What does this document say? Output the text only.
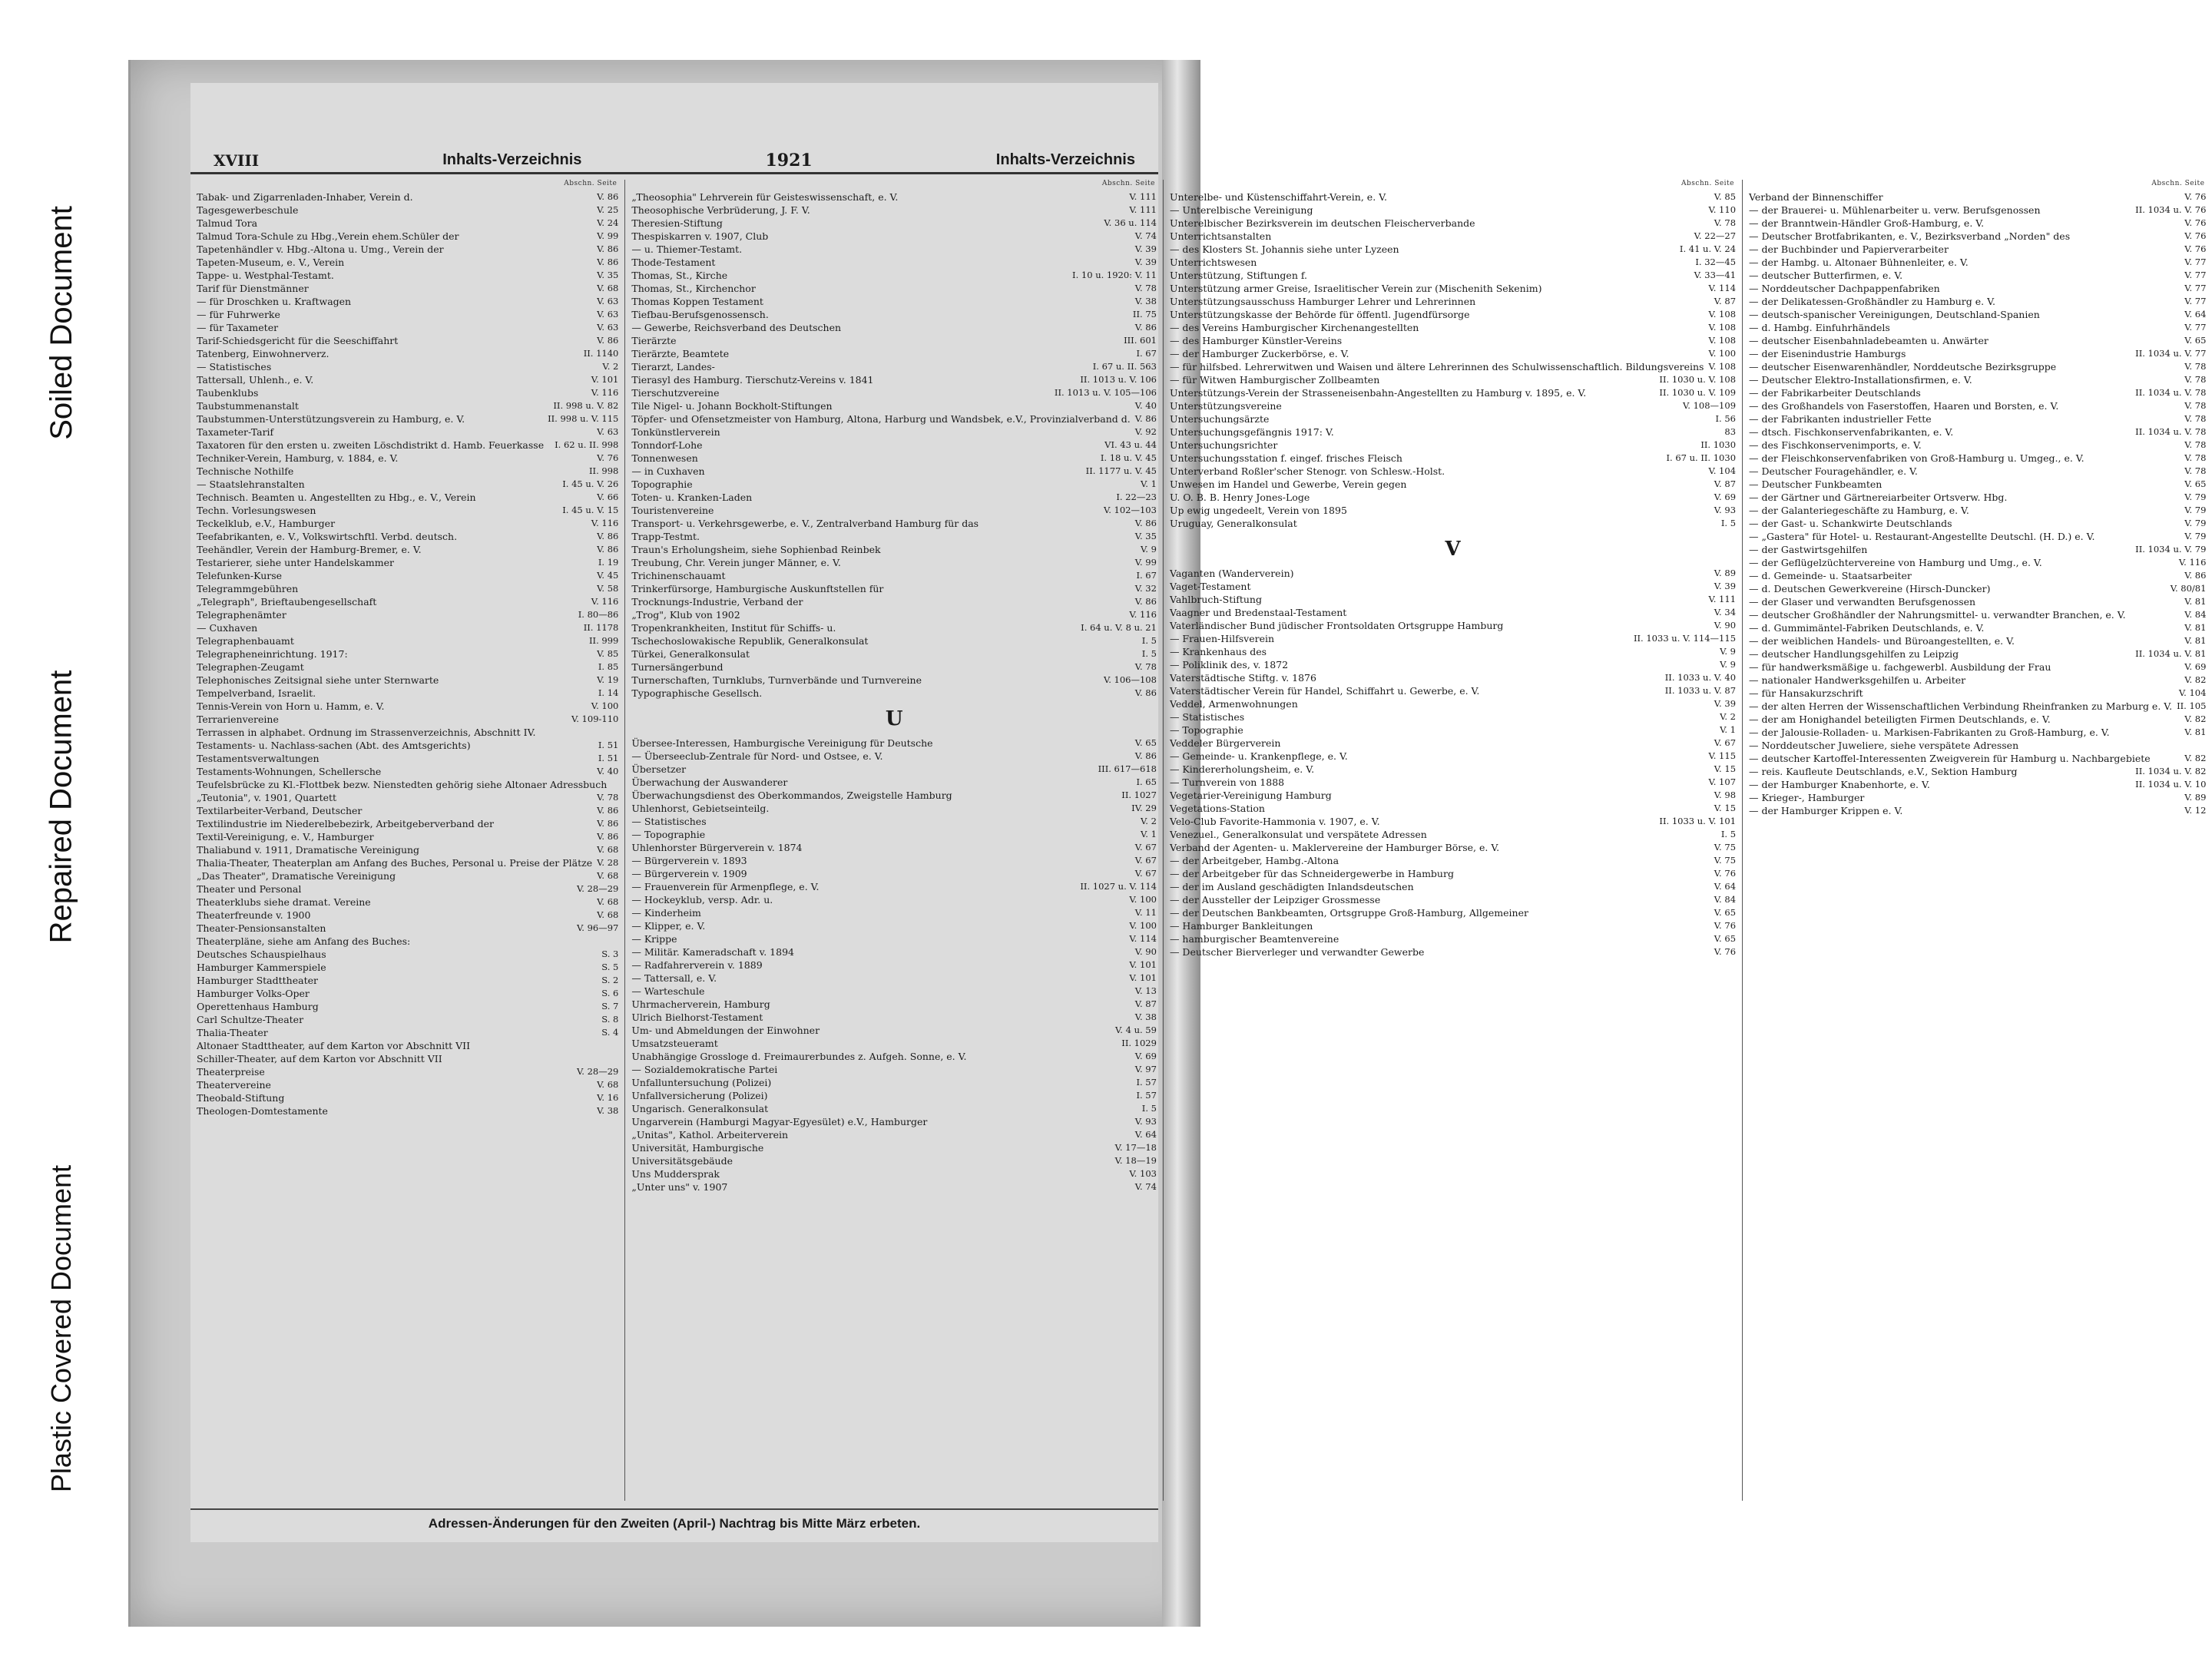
Soiled Document
Repaired Document
Plastic Covered Document
XVIII	Inhalts-Verzeichnis	1921	Inhalts-Verzeichnis
Abschn. Seite
Tabak- und Zigarrenladen-Inhaber, Verein d.	V. 86
Tagesgewerbeschule	V. 25
Talmud Tora	V. 24
Talmud Tora-Schule zu Hbg.,Verein ehem.Schüler der	V. 99
Tapetenhändler v. Hbg.-Altona u. Umg., Verein der	V. 86
Tapeten-Museum, e. V., Verein	V. 86
Tappe- u. Westphal-Testamt.	V. 35
Tarif für Dienstmänner	V. 68
— für Droschken u. Kraftwagen	V. 63
— für Fuhrwerke	V. 63
— für Taxameter	V. 63
Tarif-Schiedsgericht für die Seeschiffahrt	V. 86
Tatenberg, Einwohnerverz.	II. 1140
— Statistisches	V. 2
Tattersall, Uhlenh., e. V.	V. 101
Taubenklubs	V. 116
Taubstummenanstalt	II. 998 u. V. 82
Taubstummen-Unterstützungsverein zu Hamburg, e. V.	II. 998 u. V. 115
Taxameter-Tarif	V. 63
Taxatoren für den ersten u. zweiten Löschdistrikt d. Hamb. Feuerkasse	I. 62 u. II. 998
Techniker-Verein, Hamburg, v. 1884, e. V.	V. 76
Technische Nothilfe	II. 998
— Staatslehranstalten	I. 45 u. V. 26
Technisch. Beamten u. Angestellten zu Hbg., e. V., Verein	V. 66
Techn. Vorlesungswesen	I. 45 u. V. 15
Teckelklub, e.V., Hamburger	V. 116
Teefabrikanten, e. V., Volkswirtschftl. Verbd. deutsch.	V. 86
Teehändler, Verein der Hamburg-Bremer, e. V.	V. 86
Testarierer, siehe unter Handelskammer	I. 19
Telefunken-Kurse	V. 45
Telegrammgebühren	V. 58
„Telegraph", Brieftaubengesellschaft	V. 116
Telegraphenämter	I. 80—86
— Cuxhaven	II. 1178
Telegraphenbauamt	II. 999
Telegrapheneinrichtung. 1917:	V. 85
Telegraphen-Zeugamt	I. 85
Telephonisches Zeitsignal siehe unter Sternwarte	V. 19
Tempelverband, Israelit.	I. 14
Tennis-Verein von Horn u. Hamm, e. V.	V. 100
Terrarienvereine	V. 109-110
Terrassen in alphabet. Ordnung im Strassenverzeichnis, Abschnitt IV.
Testaments- u. Nachlass-sachen (Abt. des Amtsgerichts)	I. 51
Testamentsverwaltungen	I. 51
Testaments-Wohnungen, Schellersche	V. 40
Teufelsbrücke zu Kl.-Flottbek bezw. Nienstedten gehörig siehe Altonaer Adressbuch
„Teutonia", v. 1901, Quartett	V. 78
Textilarbeiter-Verband, Deutscher	V. 86
Textilindustrie im Niederelbebezirk, Arbeitgeberverband der	V. 86
Textil-Vereinigung, e. V., Hamburger	V. 86
Thaliabund v. 1911, Dramatische Vereinigung	V. 68
Thalia-Theater, Theaterplan am Anfang des Buches, Personal u. Preise der Plätze V. 28
„Das Theater", Dramatische Vereinigung	V. 68
Theater und Personal	V. 28—29
Theaterklubs siehe dramat. Vereine	V. 68
Theaterfreunde v. 1900	V. 68
Theater-Pensionsanstalten	V. 96—97
Theaterpläne, siehe am Anfang des Buches:
Deutsches Schauspielhaus	S. 3
Hamburger Kammerspiele	S. 5
Hamburger Stadttheater	S. 2
Hamburger Volks-Oper	S. 6
Operettenhaus Hamburg	S. 7
Carl Schultze-Theater	S. 8
Thalia-Theater	S. 4
Altonaer Stadttheater, auf dem Karton vor Abschnitt VII
Schiller-Theater, auf dem Karton vor Abschnitt VII
Theaterpreise	V. 28—29
Theatervereine	V. 68
Theobald-Stiftung	V. 16
Theologen-Domtestamente	V. 38
Abschn. Seite
„Theosophia" Lehrverein für Geisteswissenschaft, e. V.	V. 111
Theosophische Verbrüderung, J. F. V.	V. 111
Theresien-Stiftung	V. 36 u. 114
Thespiskarren v. 1907, Club	V. 74
— u. Thiemer-Testamt.	V. 39
Thode-Testament	V. 39
Thomas, St., Kirche	I. 10 u. 1920: V. 11
Thomas, St., Kirchenchor	V. 78
Thomas Koppen Testament	V. 38
Tiefbau-Berufsgenossensch.	II. 75
— Gewerbe, Reichsverband des Deutschen	V. 86
Tierärzte	III. 601
Tierärzte, Beamtete	I. 67
Tierarzt, Landes-	I. 67 u. II. 563
Tierasyl des Hamburg. Tierschutz-Vereins v. 1841	II. 1013 u. V. 106
Tierschutzvereine	II. 1013 u. V. 105—106
Tile Nigel- u. Johann Bockholt-Stiftungen	V. 40
Töpfer- und Ofensetzmeister von Hamburg, Altona, Harburg und Wandsbek, e.V., Provinzialverband d. V. 86
Tonkünstlerverein	V. 92
Tonndorf-Lohe	VI. 43 u. 44
Tonnenwesen	I. 18 u. V. 45
— in Cuxhaven	II. 1177 u. V. 45
Topographie	V. 1
Toten- u. Kranken-Laden	I. 22—23
Touristenvereine	V. 102—103
Transport- u. Verkehrsgewerbe, e. V., Zentralverband Hamburg für das	V. 86
Trapp-Testmt.	V. 35
Traun's Erholungsheim, siehe Sophienbad Reinbek	V. 9
Treubung, Chr. Verein junger Männer, e. V.	V. 99
Trichinenschauamt	I. 67
Trinkerfürsorge, Hamburgische Auskunftstellen für	V. 32
Trocknungs-Industrie, Verband der	V. 86
„Trog", Klub von 1902	V. 116
Tropenkrankheiten, Institut für Schiffs- u.	I. 64 u. V. 8 u. 21
Tschechoslowakische Republik, Generalkonsulat	I. 5
Türkei, Generalkonsulat	I. 5
Turnersängerbund	V. 78
Turnerschaften, Turnklubs, Turnverbände und Turnvereine	V. 106—108
Typographische Gesellsch.	V. 86
U
Übersee-Interessen, Hamburgische Vereinigung für Deutsche	V. 65
— Überseeclub-Zentrale für Nord- und Ostsee, e. V.	V. 86
Übersetzer	III. 617—618
Überwachung der Auswanderer	I. 65
Überwachungsdienst des Oberkommandos, Zweigstelle Hamburg	II. 1027
Uhlenhorst, Gebietseinteilg.	IV. 29
— Statistisches	V. 2
— Topographie	V. 1
Uhlenhorster Bürgerverein v. 1874	V. 67
— Bürgerverein v. 1893	V. 67
— Bürgerverein v. 1909	V. 67
— Frauenverein für Armenpflege, e. V.	II. 1027 u. V. 114
— Hockeyklub, versp. Adr. u.	V. 100
— Kinderheim	V. 11
— Klipper, e. V.	V. 100
— Krippe	V. 114
— Militär. Kameradschaft v. 1894	V. 90
— Radfahrerverein v. 1889	V. 101
— Tattersall, e. V.	V. 101
— Warteschule	V. 13
Uhrmacherverein, Hamburg	V. 87
Ulrich Bielhorst-Testament	V. 38
Um- und Abmeldungen der Einwohner	V. 4 u. 59
Umsatzsteueramt	II. 1029
Unabhängige Grossloge d. Freimaurerbundes z. Aufgeh. Sonne, e. V.	V. 69
— Sozialdemokratische Partei	V. 97
Unfalluntersuchung (Polizei)	I. 57
Unfallversicherung (Polizei)	I. 57
Ungarisch. Generalkonsulat	I. 5
Ungarverein (Hamburgi Magyar-Egyesület) e.V., Hamburger	V. 93
„Unitas", Kathol. Arbeiterverein	V. 64
Universität, Hamburgische	V. 17—18
Universitätsgebäude	V. 18—19
Uns Muddersprak	V. 103
„Unter uns" v. 1907	V. 74
Abschn. Seite
Unterelbe- und Küstenschiffahrt-Verein, e. V.	V. 85
— Unterelbische Vereinigung	V. 110
Unterelbischer Bezirksverein im deutschen Fleischerverbande	V. 78
Unterrichtsanstalten	V. 22—27
— des Klosters St. Johannis siehe unter Lyzeen	I. 41 u. V. 24
Unterrichtswesen	I. 32—45
Unterstützung, Stiftungen f.	V. 33—41
Unterstützung armer Greise, Israelitischer Verein zur (Mischenith Sekenim)	V. 114
Unterstützungsausschuss Hamburger Lehrer und Lehrerinnen	V. 87
Unterstützungskasse der Behörde für öffentl. Jugendfürsorge	V. 108
— des Vereins Hamburgischer Kirchenangestellten	V. 108
— des Hamburger Künstler-Vereins	V. 108
— der Hamburger Zuckerbörse, e. V.	V. 100
— für hilfsbed. Lehrerwitwen und Waisen und ältere Lehrerinnen des Schulwissenschaftlich. Bildungsvereins V. 108
— für Witwen Hamburgischer Zollbeamten	II. 1030 u. V. 108
Unterstützungs-Verein der Strasseneisenbahn-Angestellten zu Hamburg v. 1895, e. V.	II. 1030 u. V. 109
Unterstützungsvereine	V. 108—109
Untersuchungsärzte	I. 56
Untersuchungsgefängnis 1917: V.	83
Untersuchungsrichter	II. 1030
Untersuchungsstation f. eingef. frisches Fleisch	I. 67 u. II. 1030
Unterverband Roßler'scher Stenogr. von Schlesw.-Holst.	V. 104
Unwesen im Handel und Gewerbe, Verein gegen	V. 87
U. O. B. B. Henry Jones-Loge	V. 69
Up ewig ungedeelt, Verein von 1895	V. 93
Uruguay, Generalkonsulat	I. 5
V
Vaganten (Wanderverein)	V. 89
Vaget-Testament	V. 39
Vahlbruch-Stiftung	V. 111
Vaagner und Bredenstaal-Testament	V. 34
Vaterländischer Bund jüdischer Frontsoldaten Ortsgruppe Hamburg	V. 90
— Frauen-Hilfsverein	II. 1033 u. V. 114—115
— Krankenhaus des	V. 9
— Poliklinik des, v. 1872	V. 9
Vaterstädtische Stiftg. v. 1876	II. 1033 u. V. 40
Vaterstädtischer Verein für Handel, Schiffahrt u. Gewerbe, e. V.	II. 1033 u. V. 87
Veddel, Armenwohnungen	V. 39
— Statistisches	V. 2
— Topographie	V. 1
Veddeler Bürgerverein	V. 67
— Gemeinde- u. Krankenpflege, e. V.	V. 115
— Kindererholungsheim, e. V.	V. 15
— Turnverein von 1888	V. 107
Vegetarier-Vereinigung Hamburg	V. 98
Vegetations-Station	V. 15
Velo-Club Favorite-Hammonia v. 1907, e. V.	II. 1033 u. V. 101
Venezuel., Generalkonsulat und verspätete Adressen	I. 5
Verband der Agenten- u. Maklervereine der Hamburger Börse, e. V.	V. 75
— der Arbeitgeber, Hambg.-Altona	V. 75
— der Arbeitgeber für das Schneidergewerbe in Hamburg	V. 76
— der im Ausland geschädigten Inlandsdeutschen	V. 64
— der Aussteller der Leipziger Grossmesse	V. 84
— der Deutschen Bankbeamten, Ortsgruppe Groß-Hamburg, Allgemeiner	V. 65
— Hamburger Bankleitungen	V. 76
— hamburgischer Beamtenvereine	V. 65
— Deutscher Bierverleger und verwandter Gewerbe	V. 76
Abschn. Seite
Verband der Binnenschiffer	V. 76
— der Brauerei- u. Mühlenarbeiter u. verw. Berufsgenossen	II. 1034 u. V. 76
— der Branntwein-Händler Groß-Hamburg, e. V.	V. 76
— Deutscher Brotfabrikanten, e. V., Bezirksverband „Norden" des	V. 76
— der Buchbinder und Papierverarbeiter	V. 76
— der Hambg. u. Altonaer Bühnenleiter, e. V.	V. 77
— deutscher Butterfirmen, e. V.	V. 77
— Norddeutscher Dachpappenfabriken	V. 77
— der Delikatessen-Großhändler zu Hamburg e. V.	V. 77
— deutsch-spanischer Vereinigungen, Deutschland-Spanien	V. 64
— d. Hambg. Einfuhrhändels	V. 77
— deutscher Eisenbahnladebeamten u. Anwärter	V. 65
— der Eisenindustrie Hamburgs	II. 1034 u. V. 77
— deutscher Eisenwarenhändler, Norddeutsche Bezirksgruppe	V. 78
— Deutscher Elektro-Installationsfirmen, e. V.	V. 78
— der Fabrikarbeiter Deutschlands	II. 1034 u. V. 78
— des Großhandels von Faserstoffen, Haaren und Borsten, e. V.	V. 78
— der Fabrikanten industrieller Fette	V. 78
— dtsch. Fischkonservenfabrikanten, e. V.	II. 1034 u. V. 78
— des Fischkonservenimports, e. V.	V. 78
— der Fleischkonservenfabriken von Groß-Hamburg u. Umgeg., e. V.	V. 78
— Deutscher Fouragehändler, e. V.	V. 78
— Deutscher Funkbeamten	V. 65
— der Gärtner und Gärtnereiarbeiter Ortsverw. Hbg.	V. 79
— der Galanteriegeschäfte zu Hamburg, e. V.	V. 79
— der Gast- u. Schankwirte Deutschlands	V. 79
— „Gastera" für Hotel- u. Restaurant-Angestellte Deutschl. (H. D.) e. V.	V. 79
— der Gastwirtsgehilfen	II. 1034 u. V. 79
— der Geflügelzüchtervereine von Hamburg und Umg., e. V.	V. 116
— d. Gemeinde- u. Staatsarbeiter	V. 86
— d. Deutschen Gewerkvereine (Hirsch-Duncker)	V. 80/81
— der Glaser und verwandten Berufsgenossen	V. 81
— deutscher Großhändler der Nahrungsmittel- u. verwandter Branchen, e. V.	V. 84
— d. Gummimäntel-Fabriken Deutschlands, e. V.	V. 81
— der weiblichen Handels- und Büroangestellten, e. V.	V. 81
— deutscher Handlungsgehilfen zu Leipzig	II. 1034 u. V. 81
— für handwerksmäßige u. fachgewerbl. Ausbildung der Frau	V. 69
— nationaler Handwerksgehilfen u. Arbeiter	V. 82
— für Hansakurzschrift	V. 104
— der alten Herren der Wissenschaftlichen Verbindung Rheinfranken zu Marburg e. V. II. 105
— der am Honighandel beteiligten Firmen Deutschlands, e. V.	V. 82
— der Jalousie-Rolladen- u. Markisen-Fabrikanten zu Groß-Hamburg, e. V.	V. 81
— Norddeutscher Juweliere, siehe verspätete Adressen
— deutscher Kartoffel-Interessenten Zweigverein für Hamburg u. Nachbargebiete	V. 82
— reis. Kaufleute Deutschlands, e.V., Sektion Hamburg	II. 1034 u. V. 82
— der Hamburger Knabenhorte, e. V.	II. 1034 u. V. 10
— Krieger-, Hamburger	V. 89
— der Hamburger Krippen e. V.	V. 12
Adressen-Änderungen für den Zweiten (April-) Nachtrag bis Mitte März erbeten.
